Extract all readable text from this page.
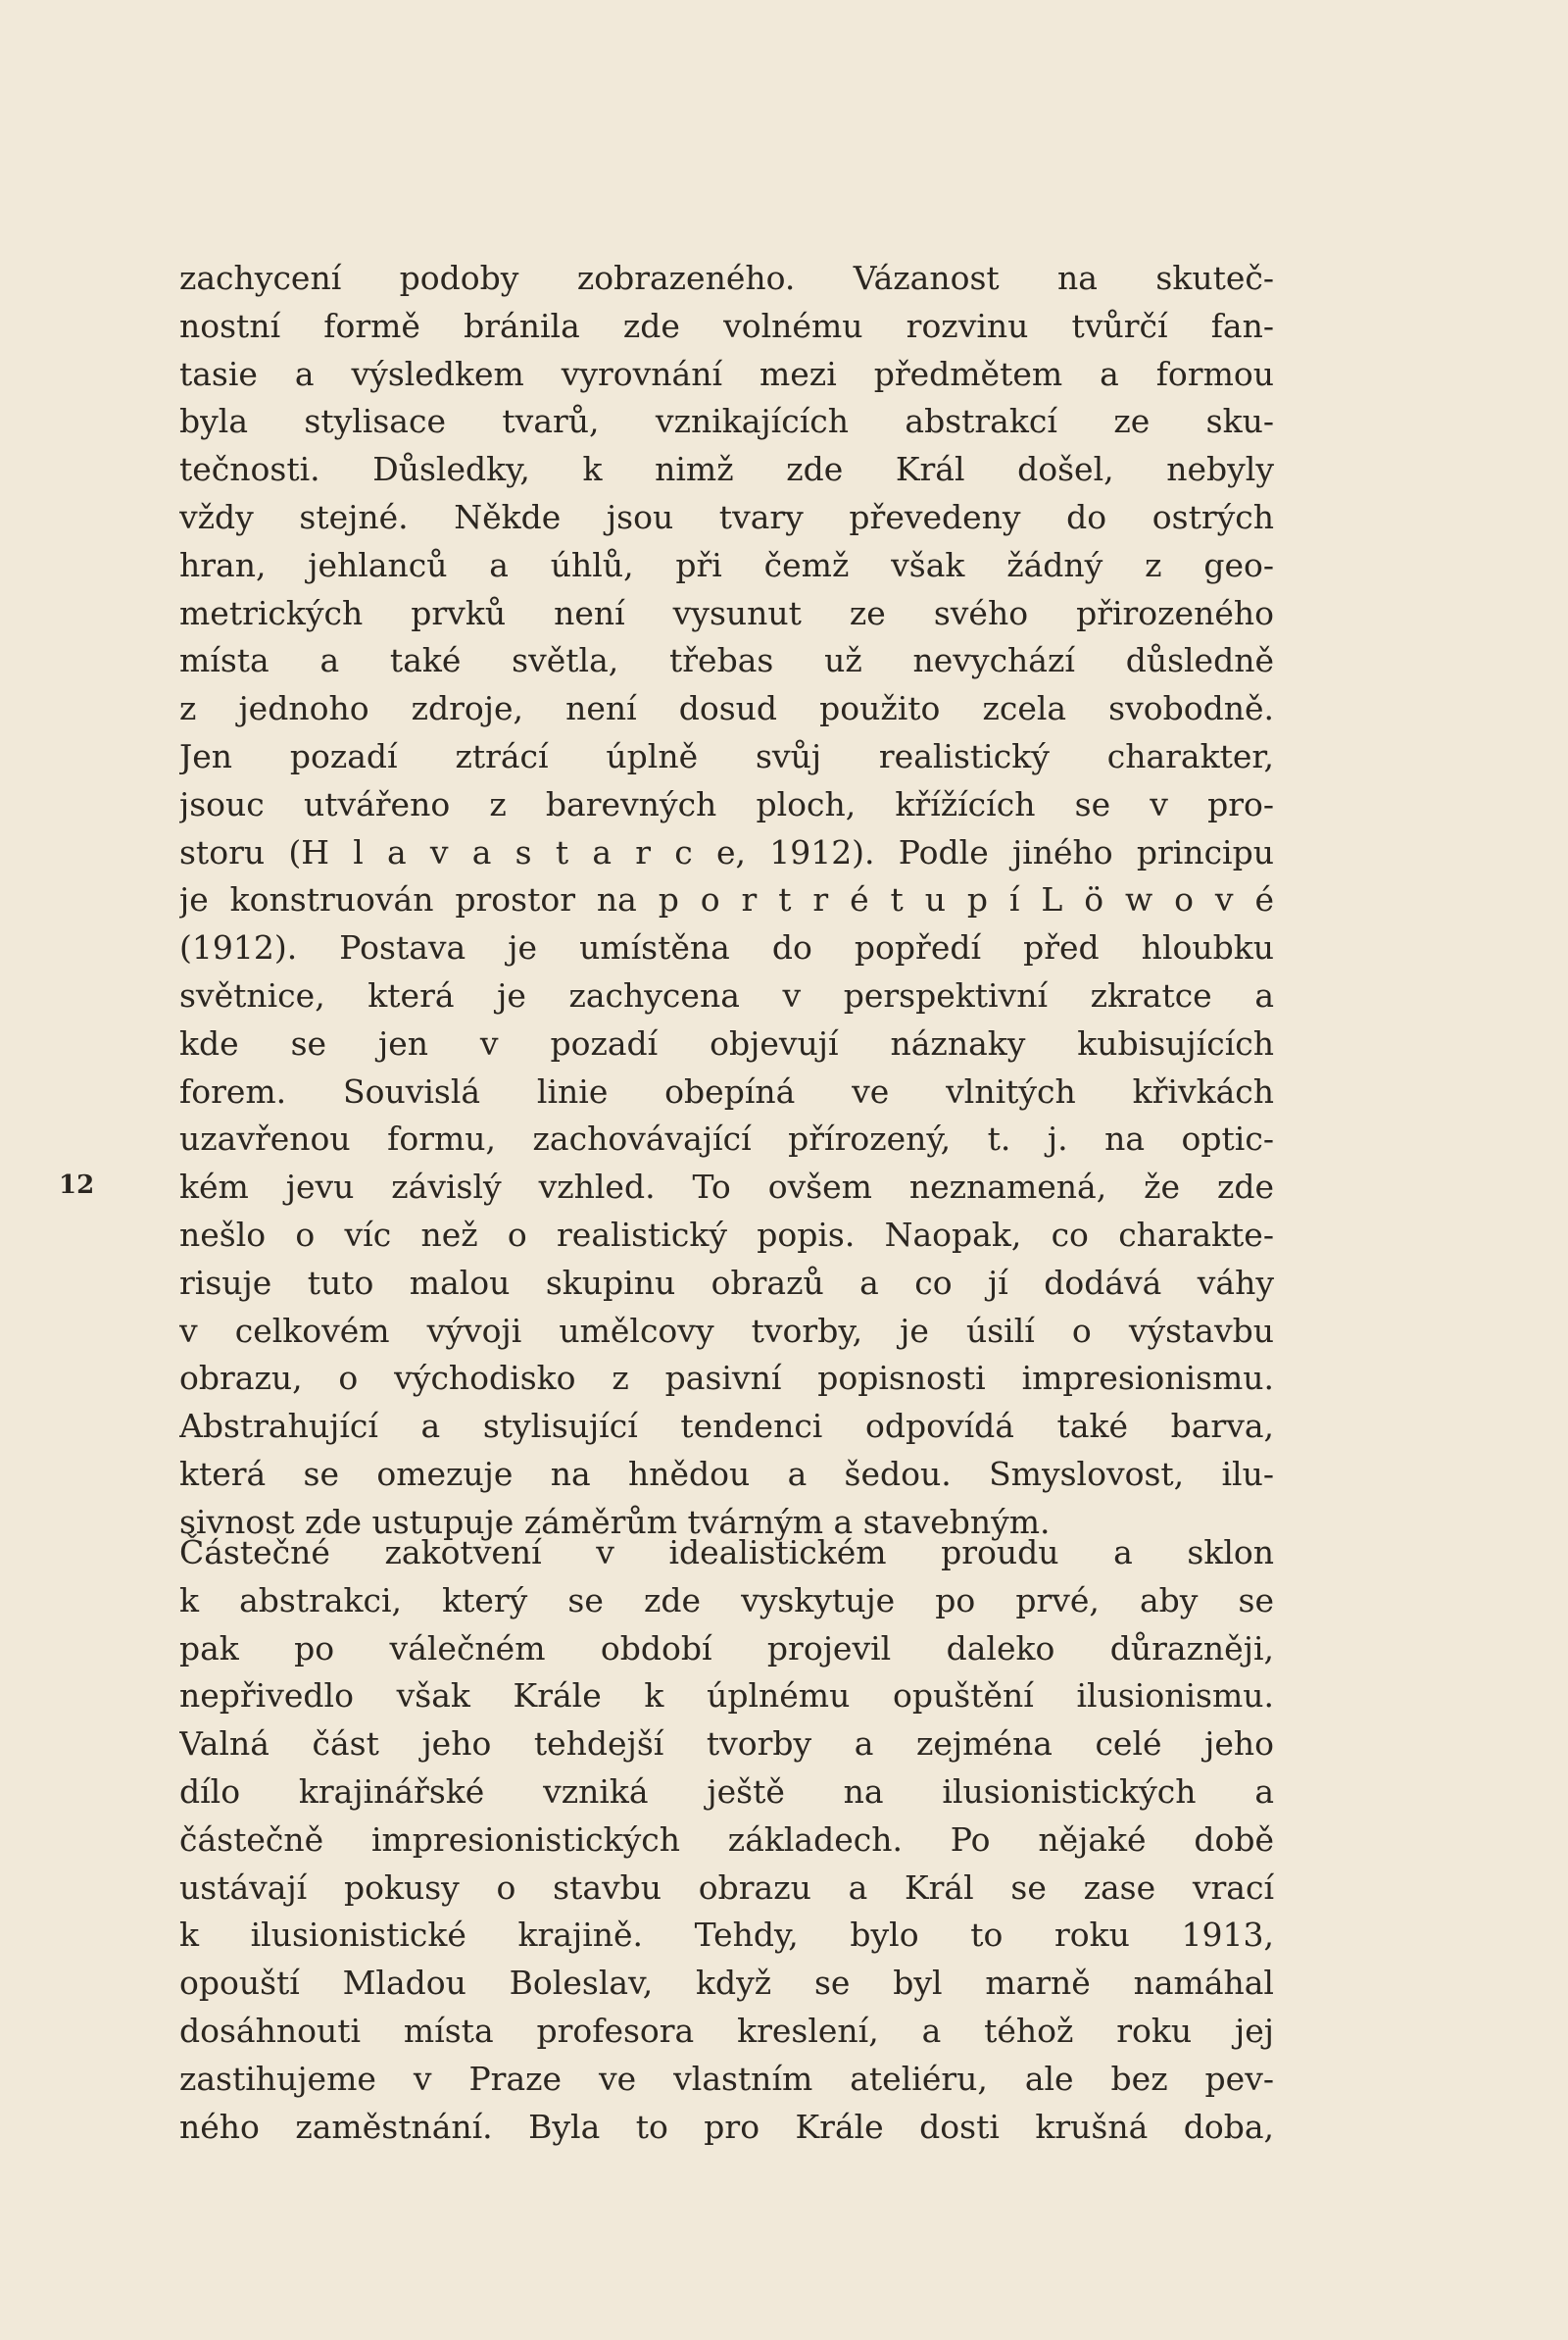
12
zachycení podoby zobrazeného. Vázanost na skuteč-
nostní formě bránila zde volnému rozvinu tvůrčí fan-
tasie a výsledkem vyrovnání mezi předmětem a formou
byla stylisace tvarů, vznikajících abstrakcí ze sku-
tečnosti. Důsledky, k nimž zde Král došel, nebyly
vždy stejné. Někde jsou tvary převedeny do ostrých
hran, jehlanců a úhlů, při čemž však žádný z geo-
metrických prvků není vysunut ze svého přirozeného
místa a také světla, třebas už nevychází důsledně
z jednoho zdroje, není dosud použito zcela svobodně.
Jen pozadí ztrácí úplně svůj realistický charakter,
jsouc utvářeno z barevných ploch, křížících se v pro-
storu (H l a v a s t a r c e, 1912). Podle jiného principu
je konstruován prostor na p o r t r é t u p í L ö w o v é
(1912). Postava je umístěna do popředí před hloubku
světnice, která je zachycena v perspektivní zkratce a
kde se jen v pozadí objevují náznaky kubisujících
forem. Souvislá linie obepíná ve vlnitých křivkách
uzavřenou formu, zachovávající přírozený, t. j. na optic-
kém jevu závislý vzhled. To ovšem neznamená, že zde
nešlo o víc než o realistický popis. Naopak, co charakte-
risuje tuto malou skupinu obrazů a co jí dodává váhy
v celkovém vývoji umělcovy tvorby, je úsilí o výstavbu
obrazu, o východisko z pasivní popisnosti impresionismu.
Abstrahující a stylisující tendenci odpovídá také barva,
která se omezuje na hnědou a šedou. Smyslovost, ilu-
sivnost zde ustupuje záměrům tvárným a stavebným.
Částečné zakotvení v idealistickém proudu a sklon
k abstrakci, který se zde vyskytuje po prvé, aby se
pak po válečném období projevil daleko důrazněji,
nepřivedlo však Krále k úplnému opuštění ilusionismu.
Valná část jeho tehdejší tvorby a zejména celé jeho
dílo krajinářské vzniká ještě na ilusionistických a
částečně impresionistických základech. Po nějaké době
ustávají pokusy o stavbu obrazu a Král se zase vrací
k ilusionistické krajině. Tehdy, bylo to roku 1913,
opouští Mladou Boleslav, když se byl marně namáhal
dosáhnouti místa profesora kreslení, a téhož roku jej
zastihujeme v Praze ve vlastním ateliéru, ale bez pev-
ného zaměstnání. Byla to pro Krále dosti krušná doba,
